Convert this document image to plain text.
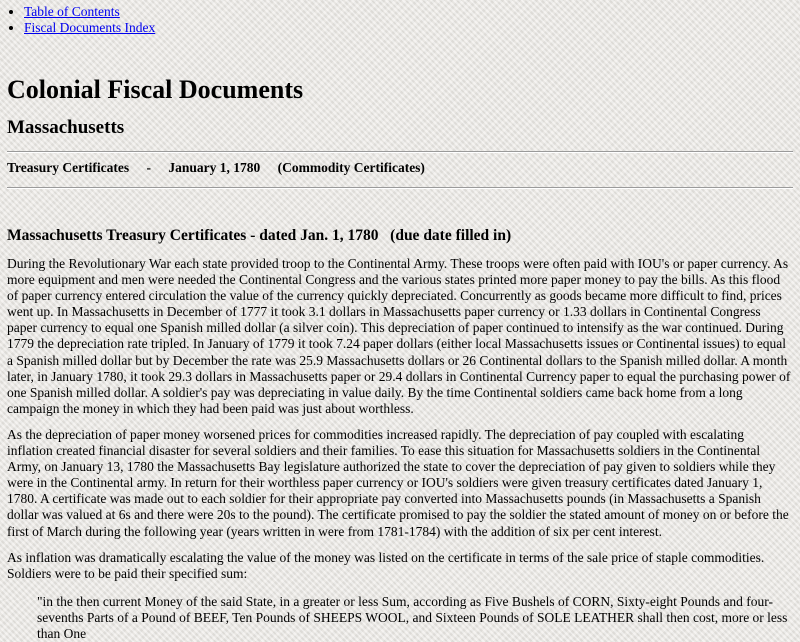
• Table of Contents
• Fiscal Documents Index
Colonial Fiscal Documents
Massachusetts
Treasury Certificates - January 1, 1780 (Commodity Certificates)
Massachusetts Treasury Certificates - dated Jan. 1, 1780   (due date filled in)

During the Revolutionary War each state provided troop to the Continental Army. These troops were often paid with IOU's or paper currency. As more equipment and men were needed the Continental Congress and the various states printed more paper money to pay the bills. As this flood of paper currency entered circulation the value of the currency quickly depreciated. Concurrently as goods became more difficult to find, prices went up. In Massachusetts in December of 1777 it took 3.1 dollars in Massachusetts paper currency or 1.33 dollars in Continental Congress paper currency to equal one Spanish milled dollar (a silver coin). This depreciation of paper continued to intensify as the war continued. During 1779 the depreciation rate tripled. In January of 1779 it took 7.24 paper dollars (either local Massachusetts issues or Continental issues) to equal a Spanish milled dollar but by December the rate was 25.9 Massachusetts dollars or 26 Continental dollars to the Spanish milled dollar. A month later, in January 1780, it took 29.3 dollars in Massachusetts paper or 29.4 dollars in Continental Currency paper to equal the purchasing power of one Spanish milled dollar. A soldier's pay was depreciating in value daily. By the time Continental soldiers came back home from a long campaign the money in which they had been paid was just about worthless.

As the depreciation of paper money worsened prices for commodities increased rapidly. The depreciation of pay coupled with escalating inflation created financial disaster for several soldiers and their families. To ease this situation for Massachusetts soldiers in the Continental Army, on January 13, 1780 the Massachusetts Bay legislature authorized the state to cover the depreciation of pay given to soldiers while they were in the Continental army. In return for their worthless paper currency or IOU's soldiers were given treasury certificates dated January 1, 1780. A certificate was made out to each soldier for their appropriate pay converted into Massachusetts pounds (in Massachusetts a Spanish dollar was valued at 6s and there were 20s to the pound). The certificate promised to pay the soldier the stated amount of money on or before the first of March during the following year (years written in were from 1781-1784) with the addition of six per cent interest.

As inflation was dramatically escalating the value of the money was listed on the certificate in terms of the sale price of staple commodities. Soldiers were to be paid their specified sum:

"in the then current Money of the said State, in a greater or less Sum, according as Five Bushels of CORN, Sixty-eight Pounds and four-sevenths Parts of a Pound of BEEF, Ten Pounds of SHEEPS WOOL, and Sixteen Pounds of SOLE LEATHER shall then cost, more or less than One
